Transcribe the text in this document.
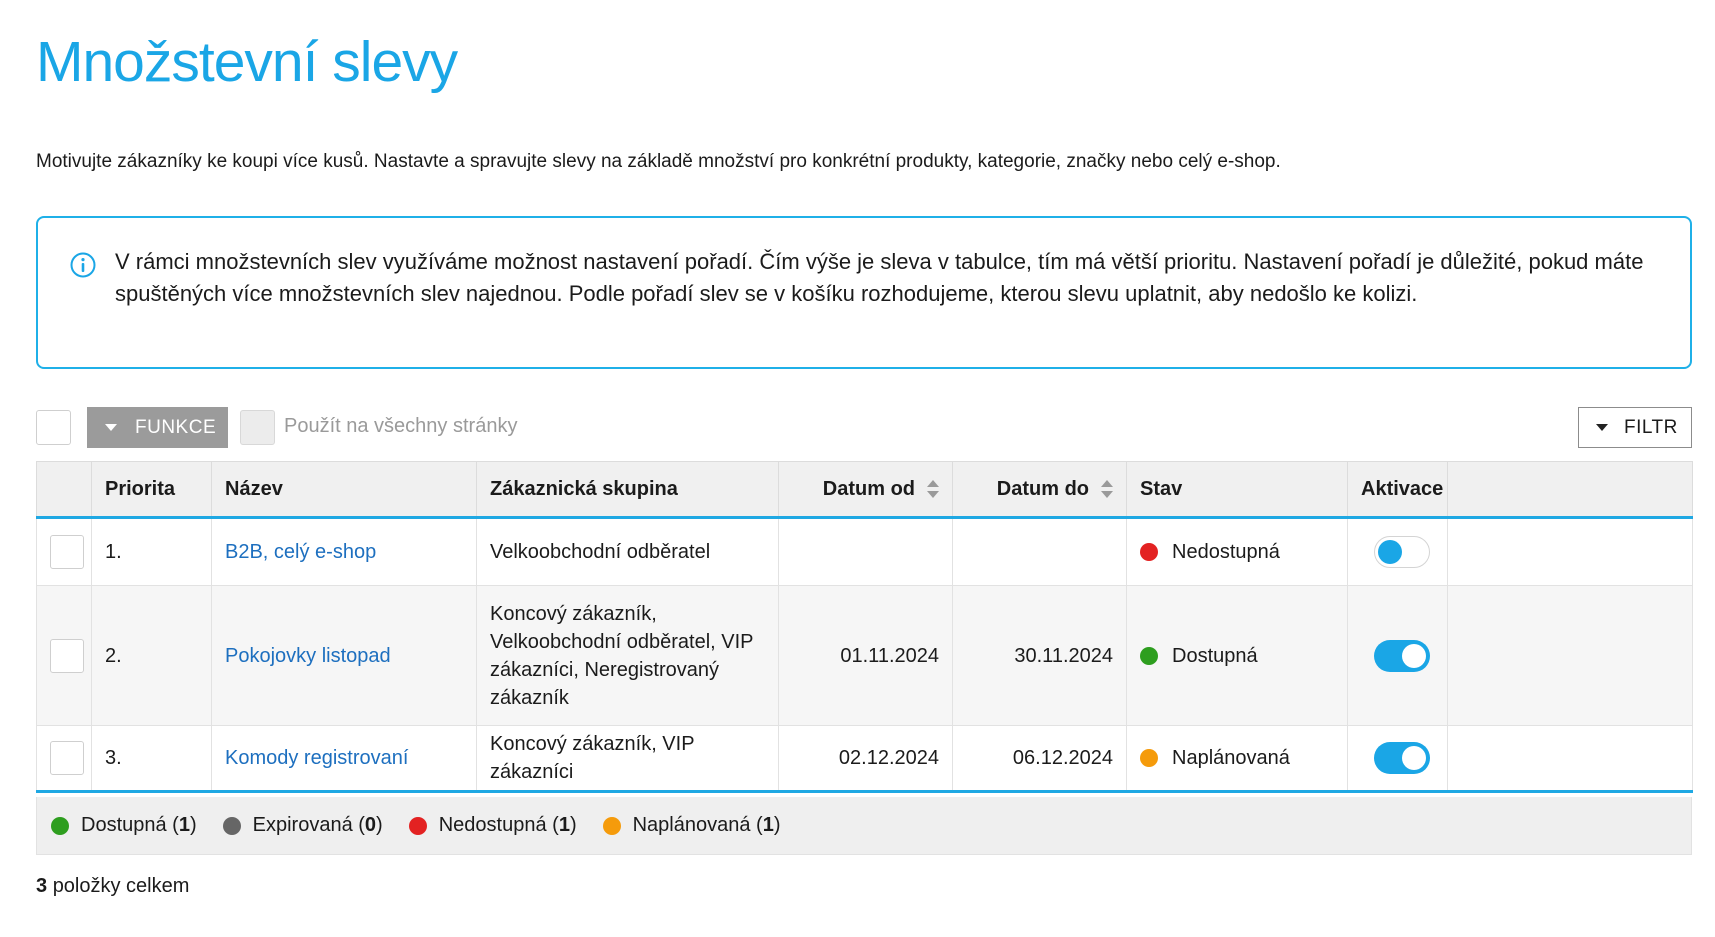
Množstevní slevy

Motivujte zákazníky ke koupi více kusů. Nastavte a spravujte slevy na základě množství pro konkrétní produkty, kategorie, značky nebo celý e-shop.

V rámci množstevních slev využíváme možnost nastavení pořadí. Čím výše je sleva v tabulce, tím má větší prioritu. Nastavení pořadí je důležité, pokud máte spuštěných více množstevních slev najednou. Podle pořadí slev se v košíku rozhodujeme, kterou slevu uplatnit, aby nedošlo ke kolizi.
FUNKCE	Použít na všechny stránky	FILTR
	Priorita	Název	Zákaznická skupina	Datum od	Datum do	Stav	Aktivace	

	1.	B2B, celý e-shop	Velkoobchodní odběratel			Nedostupná		

	2.	Pokojovky listopad	Koncový zákazník, Velkoobchodní odběratel, VIP zákazníci, Neregistrovaný zákazník	01.11.2024	30.11.2024	Dostupná		

	3.	Komody registrovaní	Koncový zákazník, VIP zákazníci	02.12.2024	06.12.2024	Naplánovaná		

Dostupná ( 1 )	Expirovaná ( 0 )	Nedostupná ( 1 )	Naplánovaná ( 1 )
3 položky celkem
